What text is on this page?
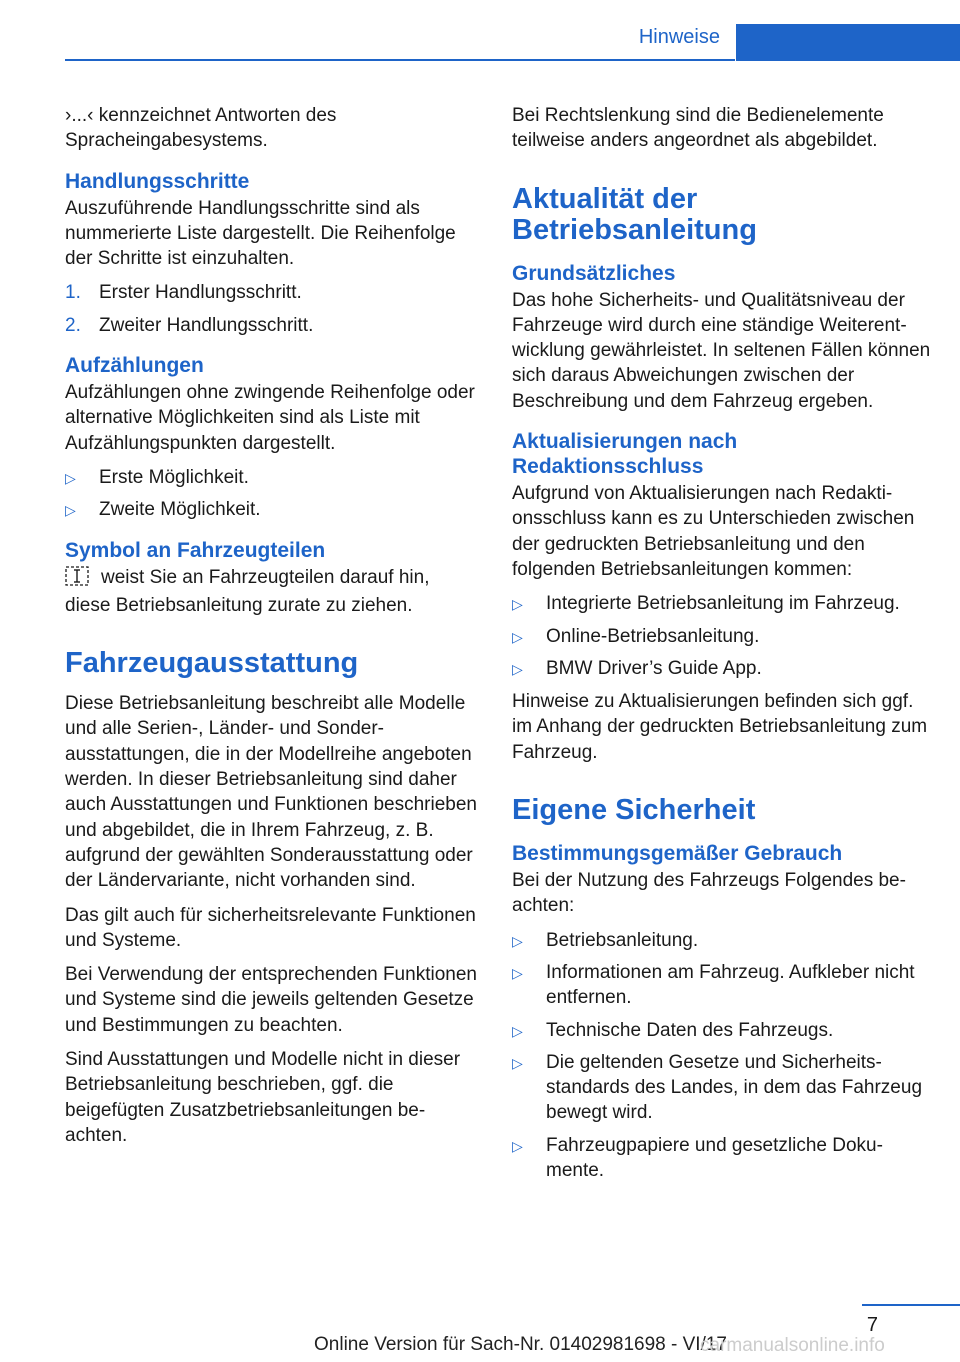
Hinweise

›...‹ kennzeichnet Antworten des Spracheingabesystems.

Handlungsschritte

Auszuführende Handlungsschritte sind als nummerierte Liste dargestellt. Die Reihenfolge der Schritte ist einzuhalten.

1. Erster Handlungsschritt.
2. Zweiter Handlungsschritt.
Aufzählungen

Aufzählungen ohne zwingende Reihenfolge oder alternative Möglichkeiten sind als Liste mit Aufzählungspunkten dargestellt.

▷ Erste Möglichkeit.
▷ Zweite Möglichkeit.
Symbol an Fahrzeugteilen

weist Sie an Fahrzeugteilen darauf hin, diese Betriebsanleitung zurate zu ziehen.

Fahrzeugausstattung

Diese Betriebsanleitung beschreibt alle Modelle und alle Serien-, Länder- und Sonderausstattungen, die in der Modellreihe angeboten werden. In dieser Betriebsanleitung sind daher auch Ausstattungen und Funktionen beschrieben und abgebildet, die in Ihrem Fahrzeug, z. B. aufgrund der gewählten Sonderausstattung oder der Ländervariante, nicht vorhanden sind.

Das gilt auch für sicherheitsrelevante Funktionen und Systeme.

Bei Verwendung der entsprechenden Funktionen und Systeme sind die jeweils geltenden Gesetze und Bestimmungen zu beachten.

Sind Ausstattungen und Modelle nicht in dieser Betriebsanleitung beschrieben, ggf. die beigefügten Zusatzbetriebsanleitungen beachten.

Bei Rechtslenkung sind die Bedienelemente teilweise anders angeordnet als abgebildet.

Aktualität der Betriebsanleitung
Grundsätzliches

Das hohe Sicherheits- und Qualitätsniveau der Fahrzeuge wird durch eine ständige Weiterentwicklung gewährleistet. In seltenen Fällen können sich daraus Abweichungen zwischen der Beschreibung und dem Fahrzeug ergeben.

Aktualisierungen nach Redaktionsschluss

Aufgrund von Aktualisierungen nach Redaktionsschluss kann es zu Unterschieden zwischen der gedruckten Betriebsanleitung und den folgenden Betriebsanleitungen kommen:

▷ Integrierte Betriebsanleitung im Fahrzeug.
▷ Online-Betriebsanleitung.
▷ BMW Driver’s Guide App.

Hinweise zu Aktualisierungen befinden sich ggf. im Anhang der gedruckten Betriebsanleitung zum Fahrzeug.

Eigene Sicherheit
Bestimmungsgemäßer Gebrauch

Bei der Nutzung des Fahrzeugs Folgendes beachten:

▷ Betriebsanleitung.
▷ Informationen am Fahrzeug. Aufkleber nicht entfernen.
▷ Technische Daten des Fahrzeugs.
▷ Die geltenden Gesetze und Sicherheitsstandards des Landes, in dem das Fahrzeug bewegt wird.
▷ Fahrzeugpapiere und gesetzliche Dokumente.
7
Online Version für Sach-Nr. 01402981698 - VI/17
carmanualsonline.info
